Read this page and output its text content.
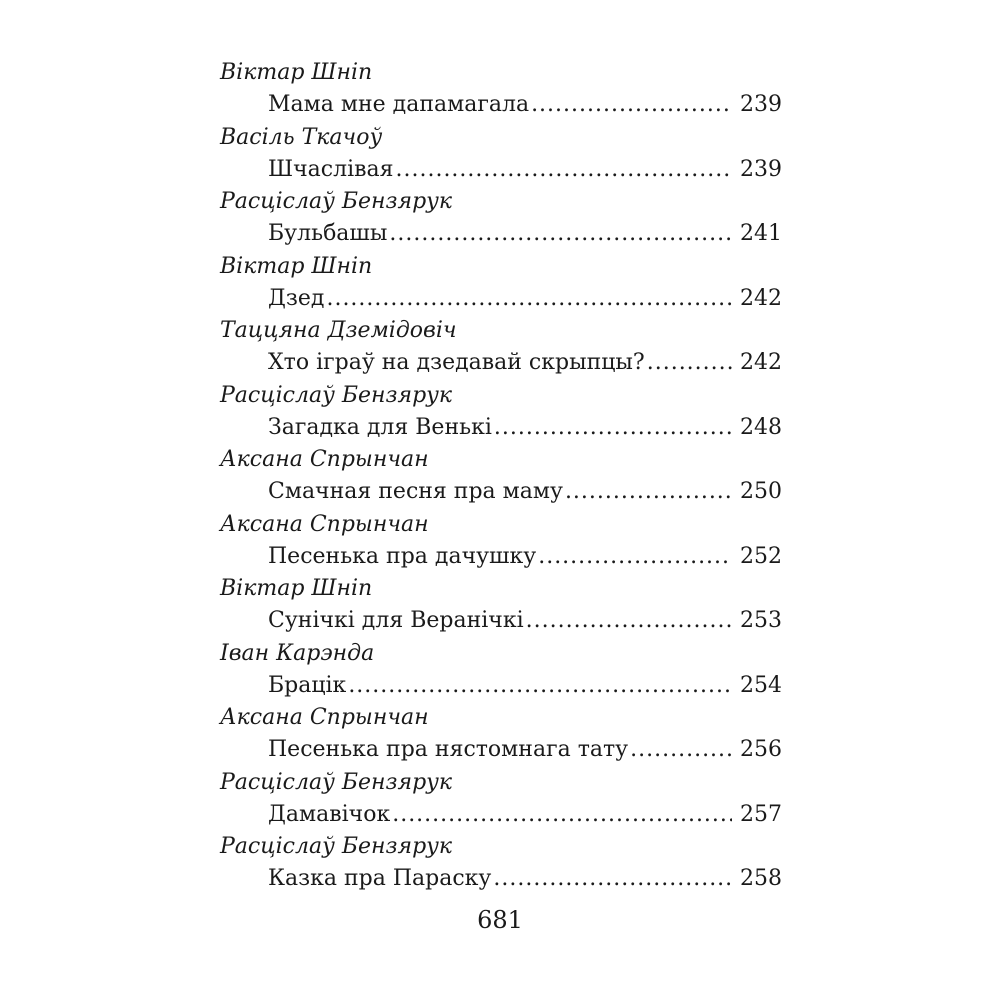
Віктар Шніп
Мама мне дапамагала .....	239
Васіль Ткачоў
Шчаслівая .....	239
Расціслаў Бензярук
Бульбашы .....	241
Віктар Шніп
Дзед .....	242
Таццяна Дземідовіч
Хто іграў на дзедавай скрыпцы? .....	242
Расціслаў Бензярук
Загадка для Венькі .....	248
Аксана Спрынчан
Смачная песня пра маму .....	250
Аксана Спрынчан
Песенька пра дачушку .....	252
Віктар Шніп
Сунічкі для Веранічкі .....	253
Іван Карэнда
Брацік .....	254
Аксана Спрынчан
Песенька пра нястомнага тату .....	256
Расціслаў Бензярук
Дамавічок .....	257
Расціслаў Бензярук
Казка пра Параску .....	258
681
